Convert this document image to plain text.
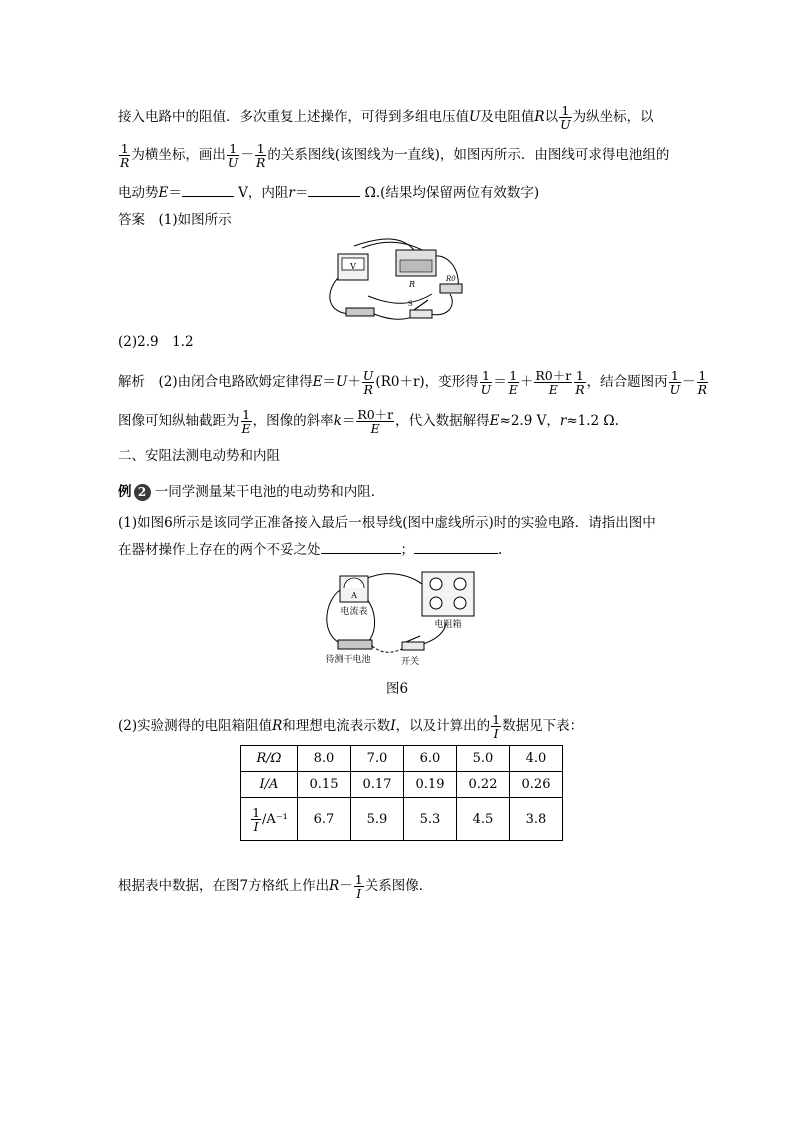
接入电路中的阻值．多次重复上述操作，可得到多组电压值U及电阻值R以 $\frac{1}{U}$ 为纵坐标，以
$\frac{1}{R}$ 为横坐标，画出 $\frac{1}{U} - \frac{1}{R}$ 的关系图线(该图线为一直线)，如图丙所示．由图线可求得电池组的
电动势E＝	V，内阻r＝	Ω.(结果均保留两位有效数字)
答案　 (1)如图所示
V
R
R0
S
(2)2.9　1.2
解析　 (2)由闭合电路欧姆定律得$E=U+ \frac{U}{R} (R0+r)$，变形得 $\frac{1}{U} = \frac{1}{E} + \frac{R0+r}{E} \frac{1}{R}$ ，结合题图丙 $\frac{1}{U} - \frac{1}{R}$
图像可知纵轴截距为 $\frac{1}{E}$ ，图像的斜率$k= \frac{R0+r}{E}$ ，代入数据解得E≈2.9 V，r≈1.2 Ω.
二、安阻法测电动势和内阻
例 2 一同学测量某干电池的电动势和内阻．
(1)如图6所示是该同学正准备接入最后一根导线(图中虚线所示)时的实验电路．请指出图中
在器材操作上存在的两个不妥之处	；	.
A
电流表
电阻箱
待测干电池	开关
图6
(2)实验测得的电阻箱阻值R和理想电流表示数I，以及计算出的 $\frac{1}{I}$ 数据见下表：
R/Ω	8.0	7.0	6.0	5.0	4.0
I/A	0.15	0.17	0.19	0.22	0.26

$\frac{1}{I} /A^{-1}$	6.7	5.9	5.3	4.5	3.8
根据表中数据，在图7方格纸上作出$R- \frac{1}{I}$ 关系图像．
